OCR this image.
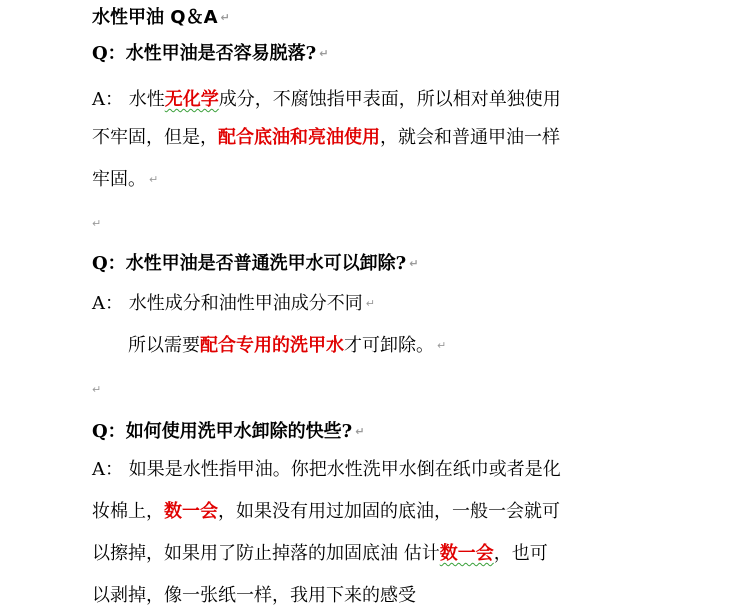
水性甲油 Q＆A ↵
Q：水性甲油是否容易脱落? ↵
A： 水性无化学成分，不腐蚀指甲表面，所以相对单独使用
不牢固，但是，配合底油和亮油使用，就会和普通甲油一样
牢固。 ↵
↵
Q：水性甲油是否普通洗甲水可以卸除? ↵
A： 水性成分和油性甲油成分不同 ↵
所以需要配合专用的洗甲水才可卸除。 ↵
↵
Q：如何使用洗甲水卸除的快些? ↵
A： 如果是水性指甲油。你把水性洗甲水倒在纸巾或者是化
妆棉上，数一会，如果没有用过加固的底油，一般一会就可
以擦掉，如果用了防止掉落的加固底油 估计数一会，也可
以剥掉，像一张纸一样，我用下来的感受
